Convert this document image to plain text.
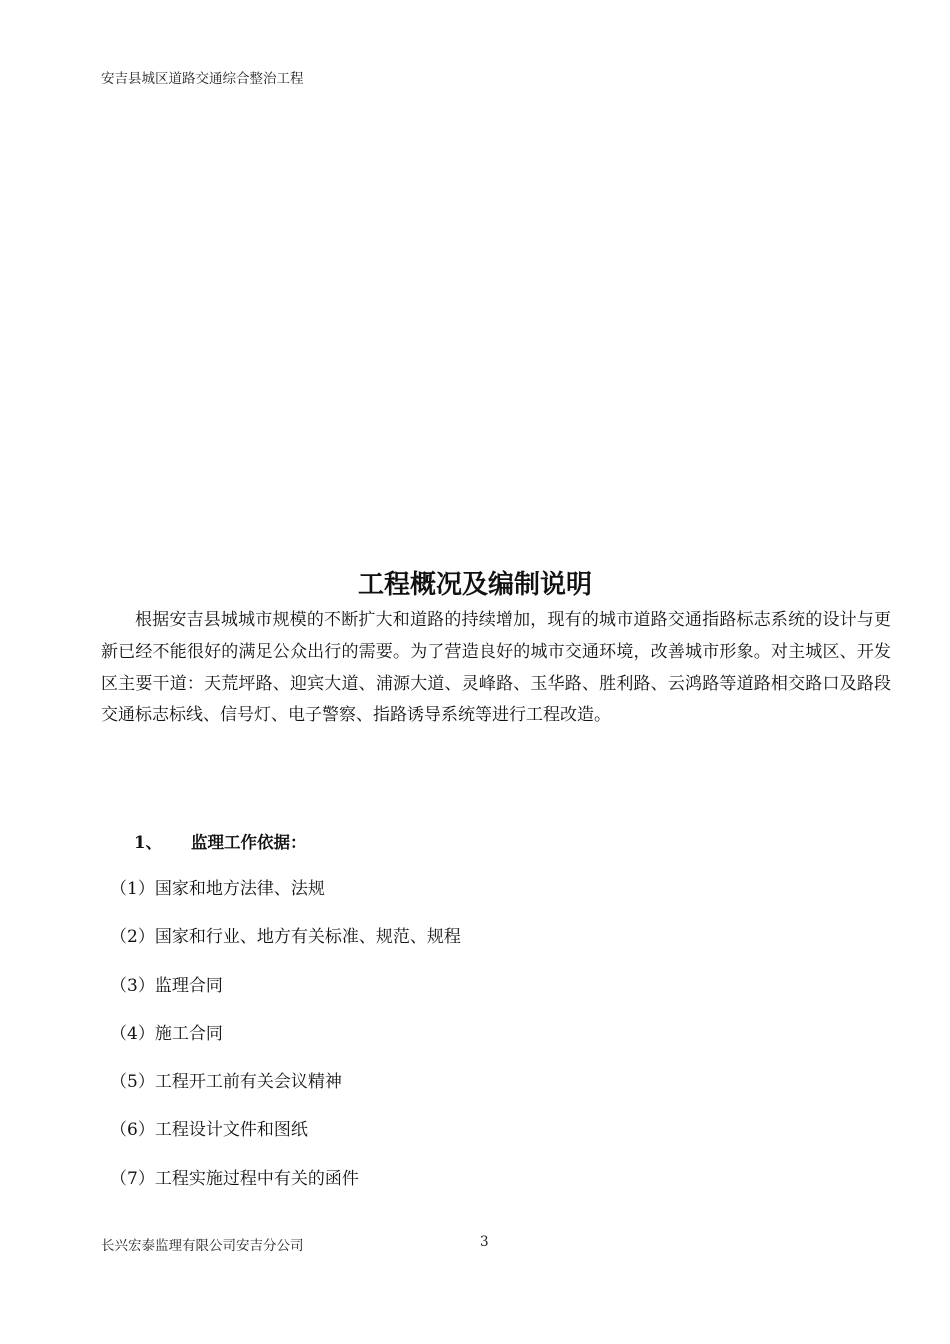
安吉县城区道路交通综合整治工程
工程概况及编制说明

根据安吉县城城市规模的不断扩大和道路的持续增加，现有的城市道路交通指路标志系统的设计与更新已经不能很好的满足公众出行的需要。为了营造良好的城市交通环境，改善城市形象。对主城区、开发区主要干道：天荒坪路、迎宾大道、浦源大道、灵峰路、玉华路、胜利路、云鸿路等道路相交路口及路段交通标志标线、信号灯、电子警察、指路诱导系统等进行工程改造。

1、 监理工作依据：
（1）国家和地方法律、法规
（2）国家和行业、地方有关标准、规范、规程
（3）监理合同
（4）施工合同
（5）工程开工前有关会议精神
（6）工程设计文件和图纸
（7）工程实施过程中有关的函件
长兴宏泰监理有限公司安吉分公司	3
